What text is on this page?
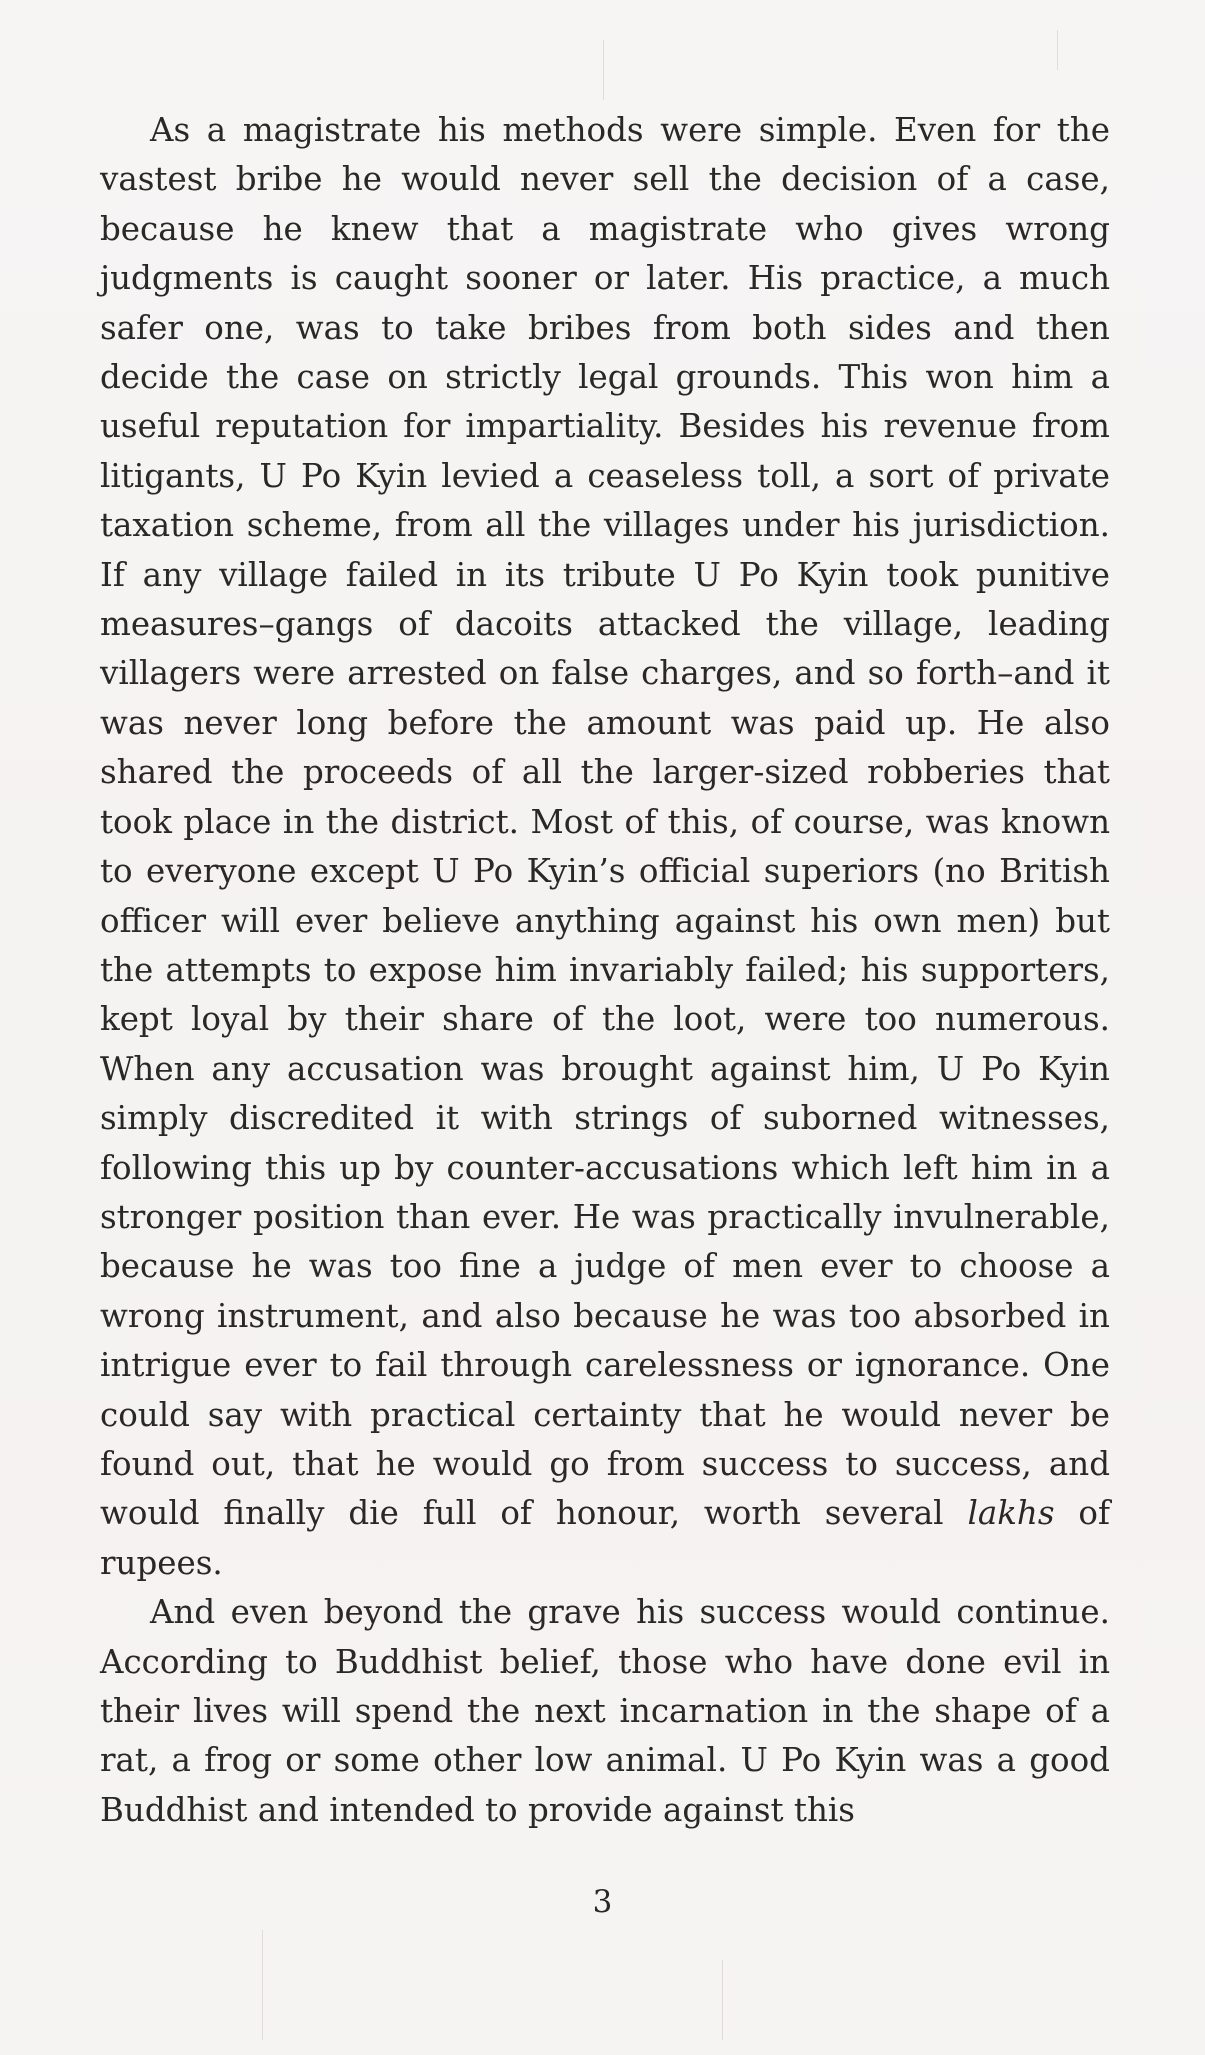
As a magistrate his methods were simple. Even for the vastest bribe he would never sell the decision of a case, because he knew that a magistrate who gives wrong judgments is caught sooner or later. His practice, a much safer one, was to take bribes from both sides and then decide the case on strictly legal grounds. This won him a useful reputation for impartiality. Besides his revenue from litigants, U Po Kyin levied a ceaseless toll, a sort of private taxation scheme, from all the villages under his jurisdiction. If any village failed in its tribute U Po Kyin took punitive measures–gangs of dacoits attacked the village, leading villagers were arrested on false charges, and so forth–and it was never long before the amount was paid up. He also shared the proceeds of all the larger-sized robberies that took place in the district. Most of this, of course, was known to everyone except U Po Kyin’s official superiors (no British officer will ever believe anything against his own men) but the attempts to expose him invariably failed; his supporters, kept loyal by their share of the loot, were too numerous. When any accusation was brought against him, U Po Kyin simply discredited it with strings of suborned witnesses, following this up by counter-accusations which left him in a stronger position than ever. He was practically invulnerable, because he was too fine a judge of men ever to choose a wrong instrument, and also because he was too absorbed in intrigue ever to fail through carelessness or ignorance. One could say with practical certainty that he would never be found out, that he would go from success to success, and would finally die full of honour, worth several lakhs of rupees.

And even beyond the grave his success would continue. According to Buddhist belief, those who have done evil in their lives will spend the next incarnation in the shape of a rat, a frog or some other low animal. U Po Kyin was a good Buddhist and intended to provide against this

3
